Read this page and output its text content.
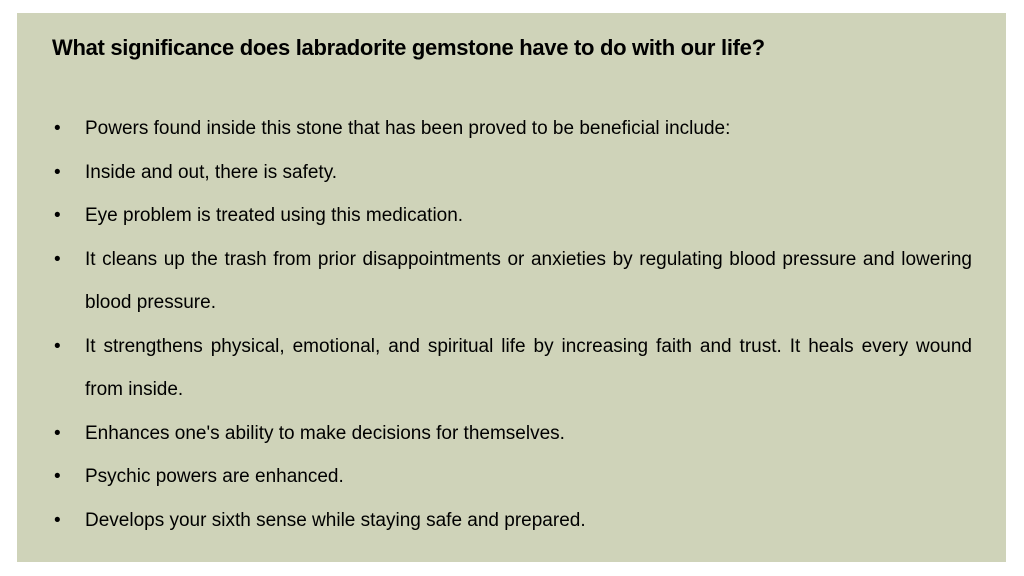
What significance does labradorite gemstone have to do with our life?
• Powers found inside this stone that has been proved to be beneficial include:
• Inside and out, there is safety.
• Eye problem is treated using this medication.
• It cleans up the trash from prior disappointments or anxieties by regulating blood pressure and lowering blood pressure.
• It strengthens physical, emotional, and spiritual life by increasing faith and trust. It heals every wound from inside.
• Enhances one's ability to make decisions for themselves.
• Psychic powers are enhanced.
• Develops your sixth sense while staying safe and prepared.
